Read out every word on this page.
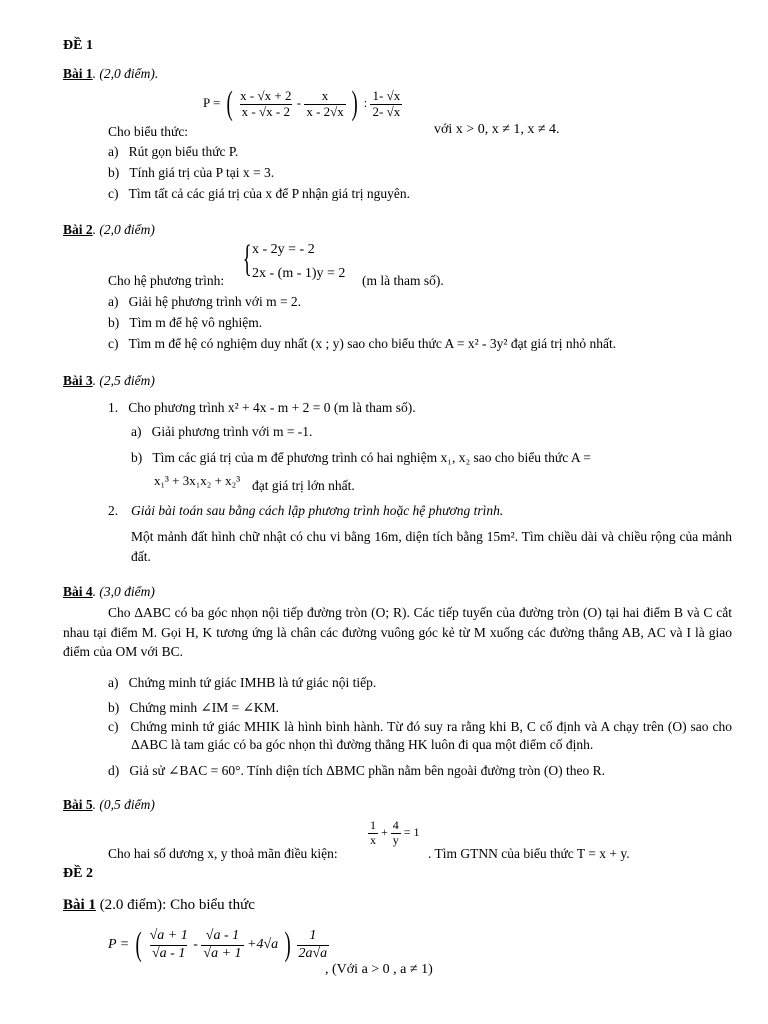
ĐỀ 1
Bài 1. (2,0 điểm).
P = ( $\frac{x - √x + 2}{x - √x - 2} - \frac{x}{x - 2√x}$ ) : $\frac{1- √x}{2- √x}$
Cho biểu thức:	với x > 0, x ≠ 1, x ≠ 4.
a)   Rút gọn biểu thức P.
b)   Tính giá trị của P tại x = 3.
c)   Tìm tất cả các giá trị của x để P nhận giá trị nguyên.
Bài 2. (2,0 điểm)
{ x - 2y = - 2
2x - (m - 1)y = 2
Cho hệ phương trình:	(m là tham số).
a)   Giải hệ phương trình với m = 2.
b)   Tìm m để hệ vô nghiệm.
c)   Tìm m để hệ có nghiệm duy nhất (x ; y) sao cho biểu thức A = x² - 3y² đạt giá trị nhỏ nhất.
Bài 3. (2,5 điểm)
1.   Cho phương trình x² + 4x - m + 2 = 0 (m là tham số).
a)   Giải phương trình với m = -1.
b)   Tìm các giá trị của m để phương trình có hai nghiệm x₁, x₂ sao cho biểu thức A =
x₁³ + 3x₁x₂ + x₂³ đạt giá trị lớn nhất.
2. Giải bài toán sau bằng cách lập phương trình hoặc hệ phương trình.
Một mảnh đất hình chữ nhật có chu vi bằng 16m, diện tích bằng 15m². Tìm chiều dài và chiều rộng của mảnh đất.
Bài 4. (3,0 điểm)
Cho ΔABC có ba góc nhọn nội tiếp đường tròn (O; R). Các tiếp tuyến của đường tròn (O) tại hai điểm B và C cắt nhau tại điểm M. Gọi H, K tương ứng là chân các đường vuông góc kẻ từ M xuống các đường thẳng AB, AC và I là giao điểm của OM với BC.
a)   Chứng minh tứ giác IMHB là tứ giác nội tiếp.
b)   Chứng minh ∠IM = ∠KM.
c)   Chứng minh tứ giác MHIK là hình bình hành. Từ đó suy ra rằng khi B, C cố định và A chạy trên (O) sao cho ΔABC là tam giác có ba góc nhọn thì đường thẳng HK luôn đi qua một điểm cố định.
d)   Giả sử ∠BAC = 60°. Tính diện tích ΔBMC phần nằm bên ngoài đường tròn (O) theo R.
Bài 5. (0,5 điểm)
$\frac{1}{x} + \frac{4}{y} = 1$
Cho hai số dương x, y thoả mãn điều kiện:	. Tìm GTNN của biểu thức T = x + y.
ĐỀ 2
Bài 1 (2.0 điểm): Cho biểu thức
P = ( $\frac{√a + 1}{√a - 1} - \frac{√a - 1}{√a + 1} +4√a$ ) $\frac{1}{2a√a}$
, (Với a > 0 , a ≠ 1)
